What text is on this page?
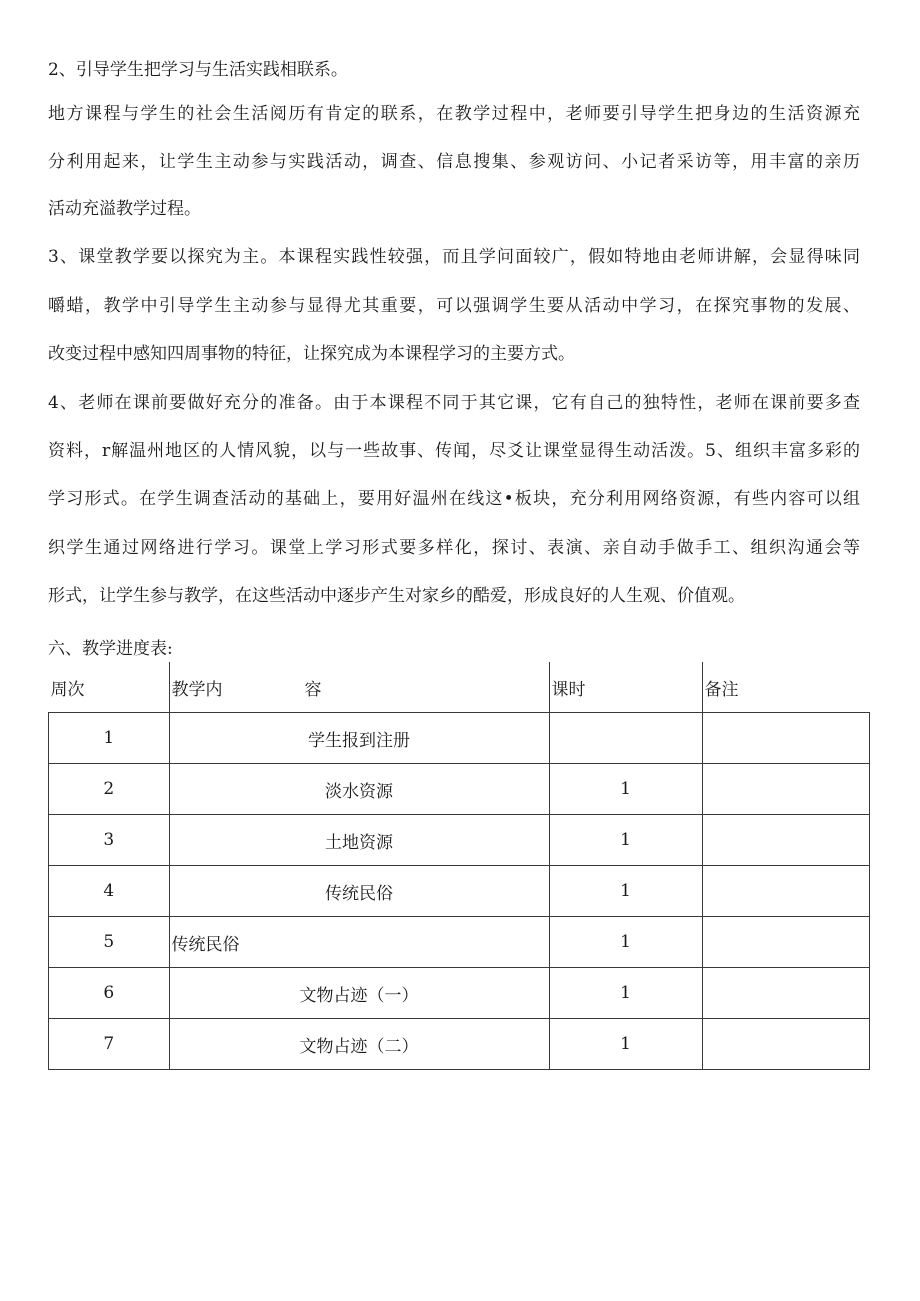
2、引导学生把学习与生活实践相联系。
地方课程与学生的社会生活阅历有肯定的联系，在教学过程中，老师要引导学生把身边的生活资源充
分利用起来，让学生主动参与实践活动，调查、信息搜集、参观访问、小记者采访等，用丰富的亲历
活动充溢教学过程。
3、课堂教学要以探究为主。本课程实践性较强，而且学问面较广，假如特地由老师讲解，会显得味同
嚼蜡，教学中引导学生主动参与显得尤其重要，可以强调学生要从活动中学习，在探究事物的发展、
改变过程中感知四周事物的特征，让探究成为本课程学习的主要方式。
4、老师在课前要做好充分的准备。由于本课程不同于其它课，它有自己的独特性，老师在课前要多查
资料，r解温州地区的人情风貌，以与一些故事、传闻，尽爻让课堂显得生动活泼。5、组织丰富多彩的
学习形式。在学生调查活动的基础上，要用好温州在线这•板块，充分利用网络资源，有些内容可以组
织学生通过网络进行学习。课堂上学习形式要多样化，探讨、表演、亲自动手做手工、组织沟通会等
形式，让学生参与教学，在这些活动中逐步产生对家乡的酷爱，形成良好的人生观、价值观。
六、教学进度表:
周次	教学内 容	课时	备注
1	学生报到注册		
2	淡水资源	1	
3	土地资源	1	
4	传统民俗	1	
5	传统民俗	1	
6	文物占迹（一）	1	
7	文物占迹（二）	1	
